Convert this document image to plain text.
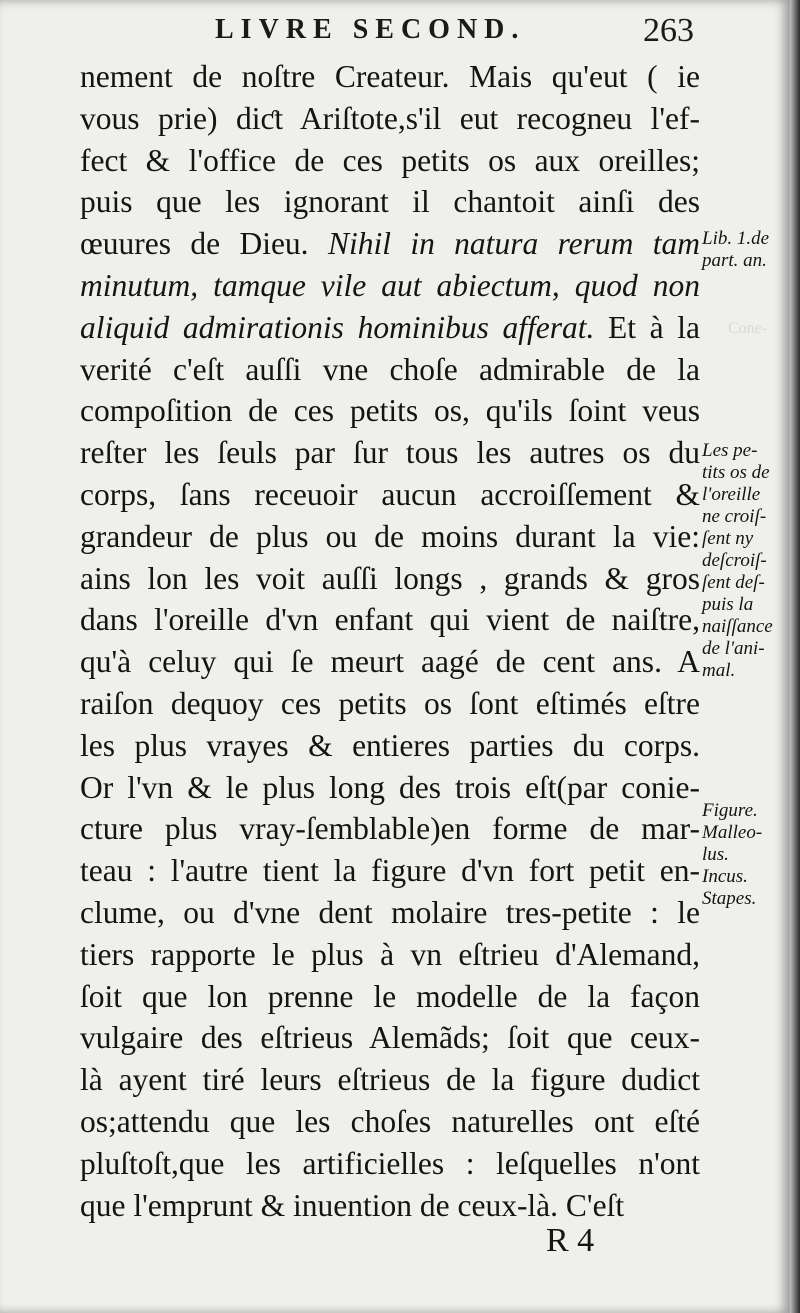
Cone-
LIVRE SECOND.	263
nement de noſtre Createur. Mais qu'eut ( ie
vous prie) diƈt Ariſtote,s'il eut recogneu l'ef-
fect & l'office de ces petits os aux oreilles;
puis que les ignorant il chantoit ainſi des
œuures de Dieu. Nihil in natura rerum tam
minutum, tamque vile aut abiectum, quod non
aliquid admirationis hominibus afferat. Et à la
verité c'eſt auſſi vne choſe admirable de la
compoſition de ces petits os, qu'ils ſoint veus
reſter les ſeuls par ſur tous les autres os du
corps, ſans receuoir aucun accroiſſement &
grandeur de plus ou de moins durant la vie:
ains lon les voit auſſi longs , grands & gros
dans l'oreille d'vn enfant qui vient de naiſtre,
qu'à celuy qui ſe meurt aagé de cent ans. A
raiſon dequoy ces petits os ſont eſtimés eſtre
les plus vrayes & entieres parties du corps.
Or l'vn & le plus long des trois eſt(par conie-
cture plus vray-ſemblable)en forme de mar-
teau : l'autre tient la figure d'vn fort petit en-
clume, ou d'vne dent molaire tres-petite : le
tiers rapporte le plus à vn eſtrieu d'Alemand,
ſoit que lon prenne le modelle de la façon
vulgaire des eſtrieus Alemãds; ſoit que ceux-
là ayent tiré leurs eſtrieus de la figure dudict
os;attendu que les choſes naturelles ont eſté
pluſtoſt,que les artificielles : leſquelles n'ont
que l'emprunt & inuention de ceux-là. C'eſt
Lib. 1.de
part. an.
Les pe-
tits os de
l'oreille
ne croiſ-
ſent ny
deſcroiſ-
ſent deſ-
puis la
naiſſance
de l'ani-
mal.
Figure.
Malleo-
lus.
Incus.
Stapes.
R 4
